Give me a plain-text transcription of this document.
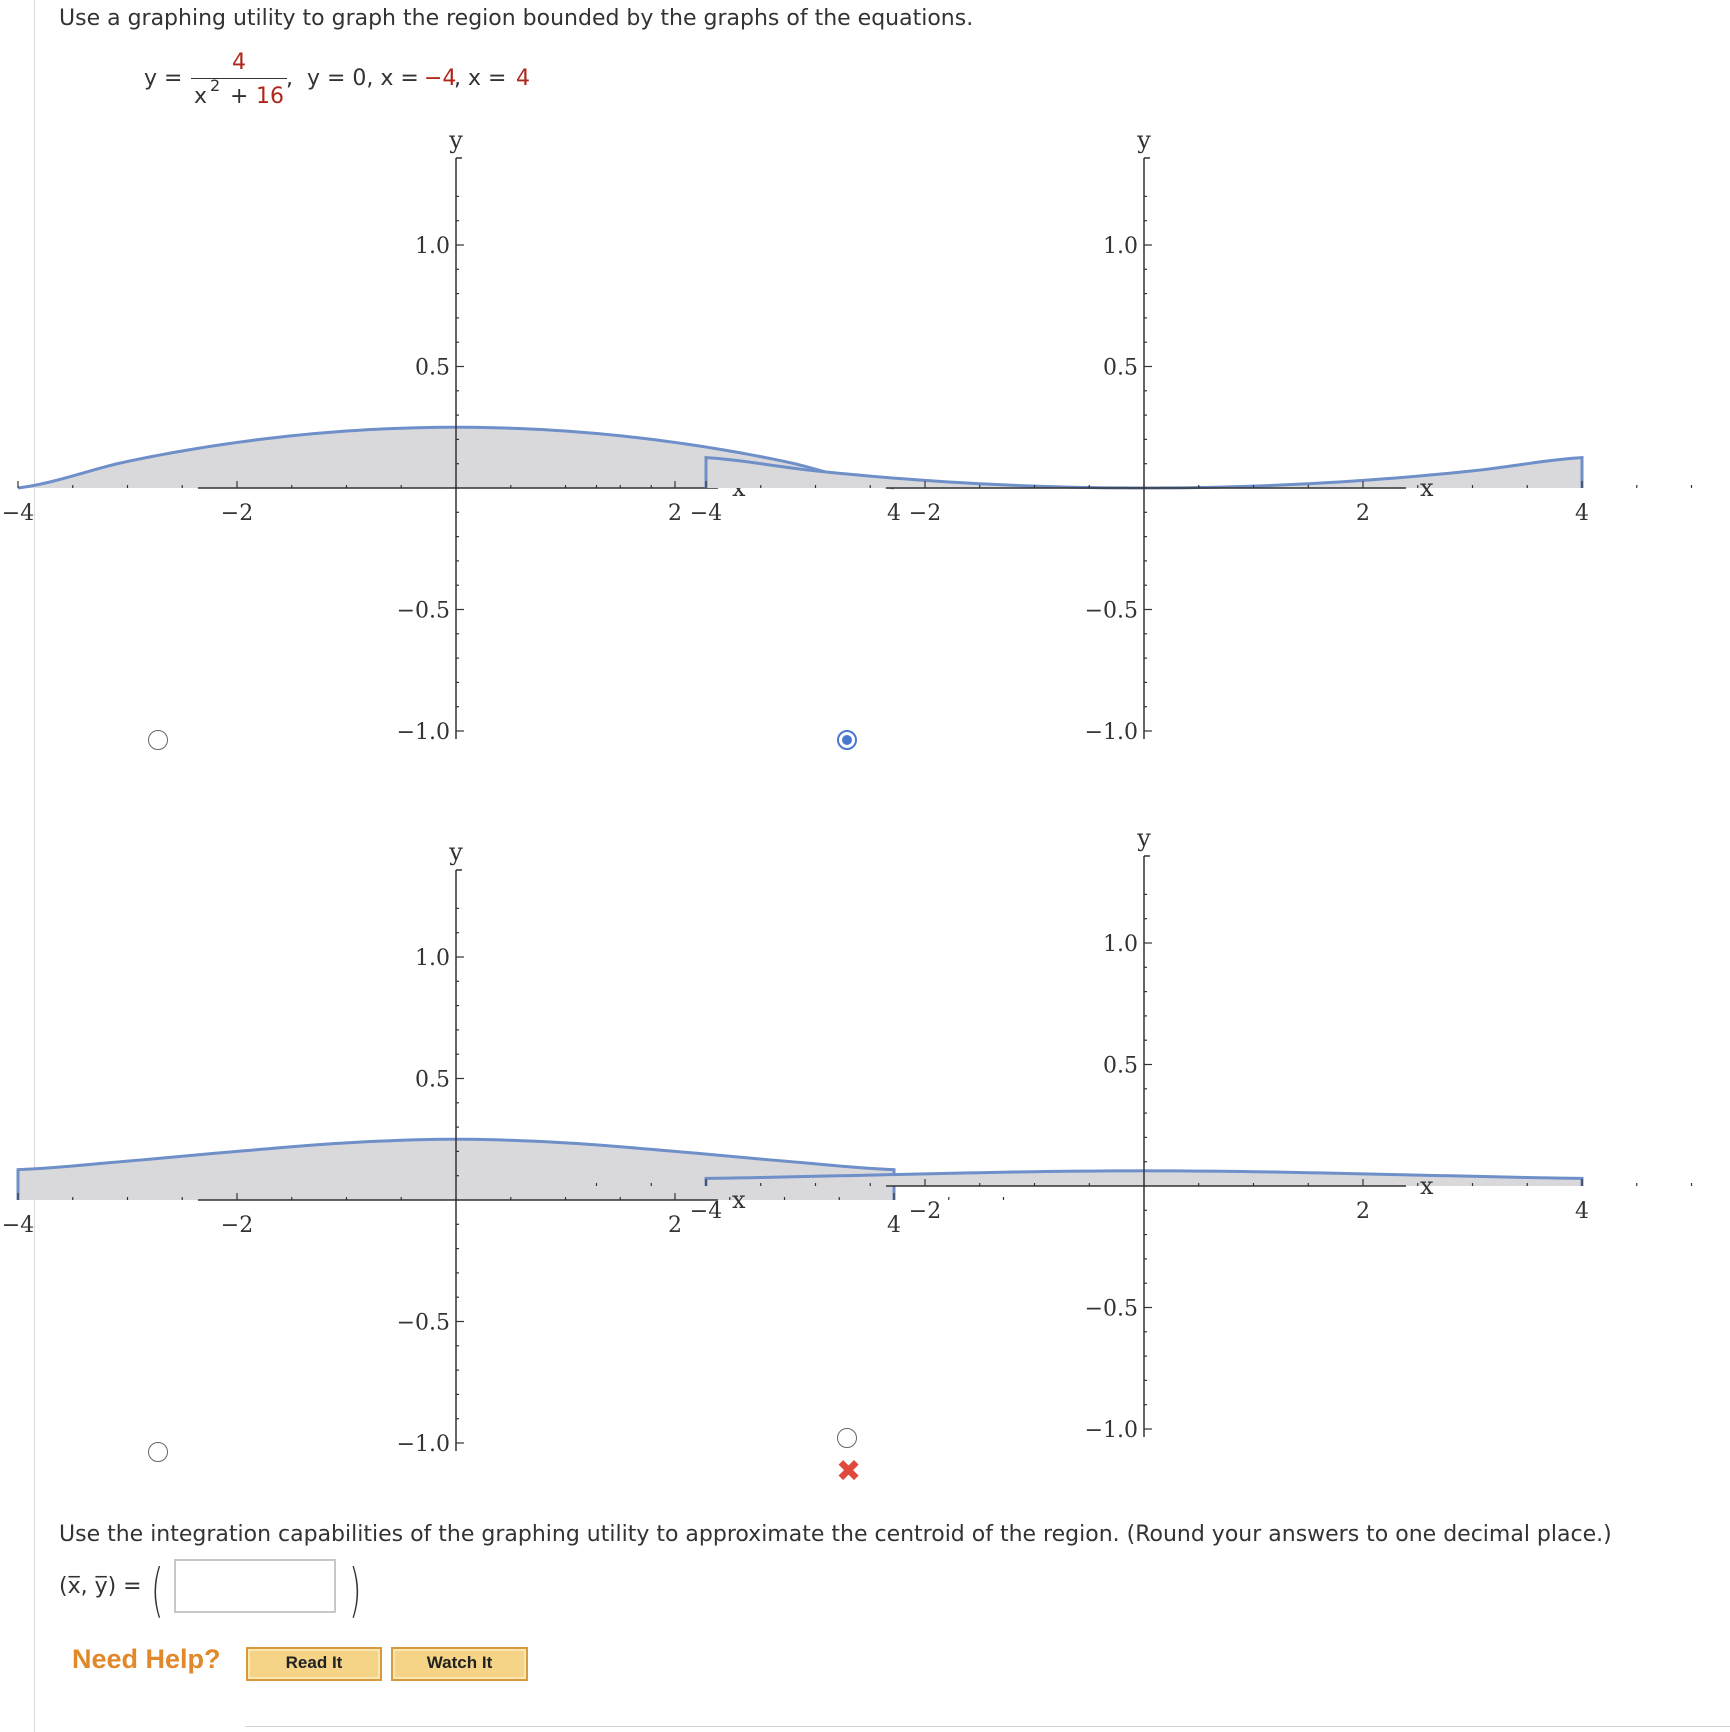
Use a graphing utility to graph the region bounded by the graphs of the equations.
y =
4
x 2 + 16
,  y = 0, x =
−4
, x = 4
−4	−2	2	4
1.0
0.5
−0.5
−1.0
y
−4	−2	2	4
1.0
0.5
−0.5
−1.0
x
y
−4	−2	2	4
1.0
0.5
−0.5
−1.0
x
y
−4	−2	2	4
1.0
0.5
−0.5
−1.0
x
y
✖
Use the integration capabilities of the graphing utility to approximate the centroid of the region. (Round your answers to one decimal place.)
(x̅, y̅) = (	)
Need Help?	Read It	Watch It
